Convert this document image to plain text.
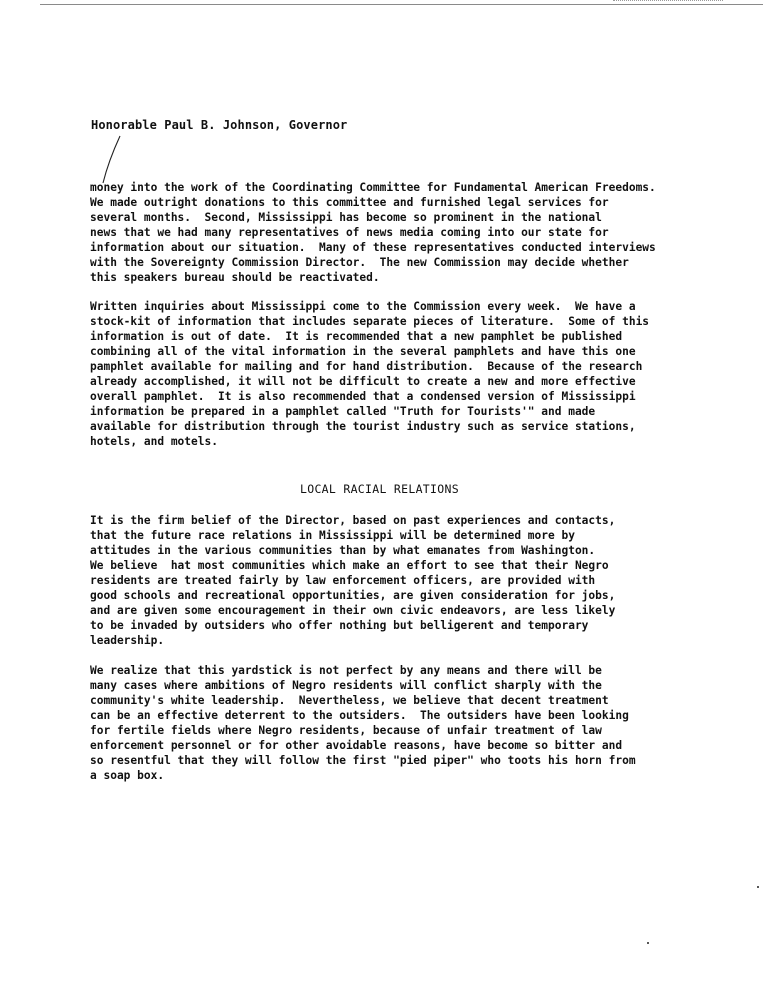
Honorable Paul B. Johnson, Governor
money into the work of the Coordinating Committee for Fundamental American Freedoms.
We made outright donations to this committee and furnished legal services for
several months.  Second, Mississippi has become so prominent in the national
news that we had many representatives of news media coming into our state for
information about our situation.  Many of these representatives conducted interviews
with the Sovereignty Commission Director.  The new Commission may decide whether
this speakers bureau should be reactivated.
Written inquiries about Mississippi come to the Commission every week.  We have a
stock-kit of information that includes separate pieces of literature.  Some of this
information is out of date.  It is recommended that a new pamphlet be published
combining all of the vital information in the several pamphlets and have this one
pamphlet available for mailing and for hand distribution.  Because of the research
already accomplished, it will not be difficult to create a new and more effective
overall pamphlet.  It is also recommended that a condensed version of Mississippi
information be prepared in a pamphlet called "Truth for Tourists'" and made
available for distribution through the tourist industry such as service stations,
hotels, and motels.
LOCAL RACIAL RELATIONS
It is the firm belief of the Director, based on past experiences and contacts,
that the future race relations in Mississippi will be determined more by
attitudes in the various communities than by what emanates from Washington.
We believe  hat most communities which make an effort to see that their Negro
residents are treated fairly by law enforcement officers, are provided with
good schools and recreational opportunities, are given consideration for jobs,
and are given some encouragement in their own civic endeavors, are less likely
to be invaded by outsiders who offer nothing but belligerent and temporary
leadership.
We realize that this yardstick is not perfect by any means and there will be
many cases where ambitions of Negro residents will conflict sharply with the
community's white leadership.  Nevertheless, we believe that decent treatment
can be an effective deterrent to the outsiders.  The outsiders have been looking
for fertile fields where Negro residents, because of unfair treatment of law
enforcement personnel or for other avoidable reasons, have become so bitter and
so resentful that they will follow the first "pied piper" who toots his horn from
a soap box.
